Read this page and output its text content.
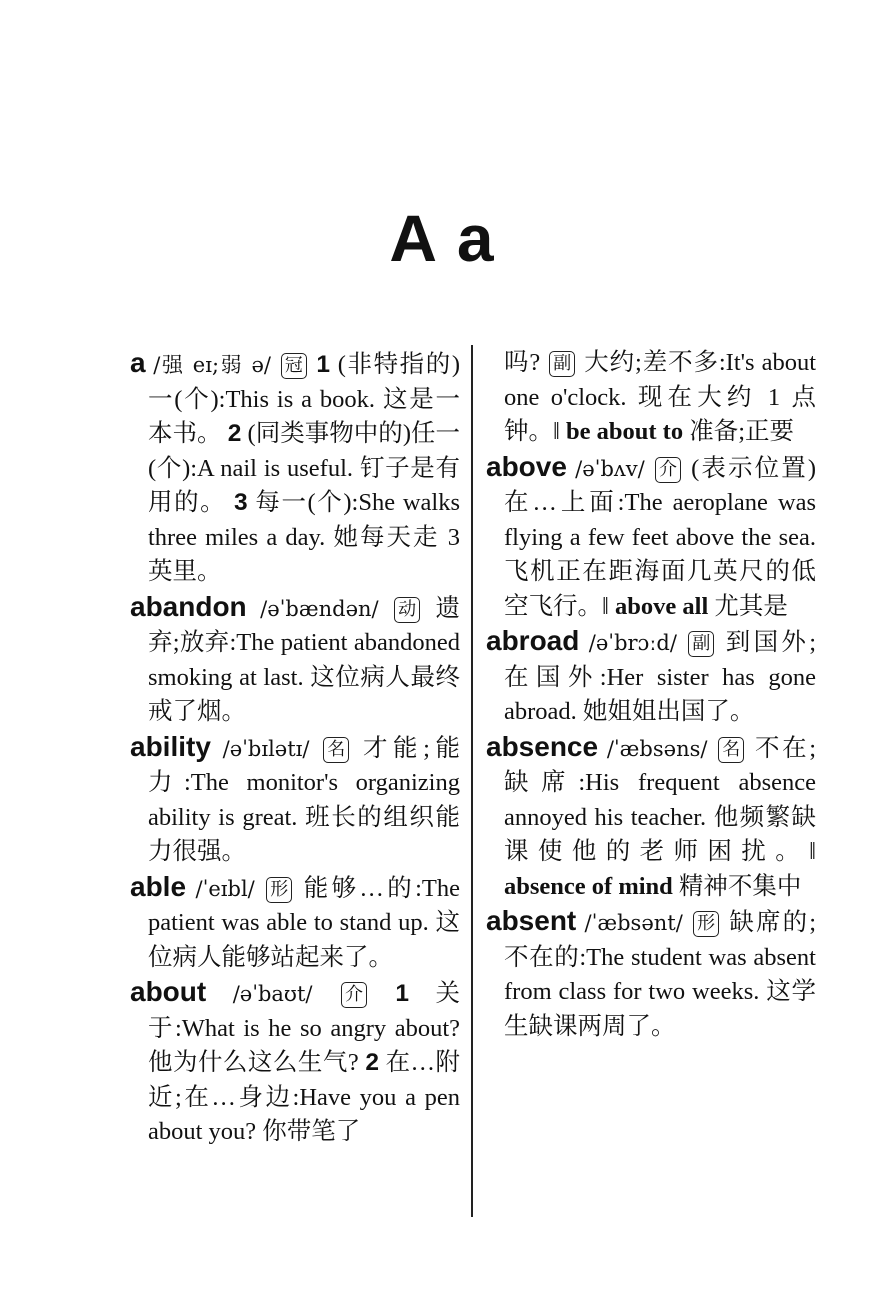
A a
a /强 eɪ;弱 ə/ 冠 1 (非特指的)一(个):This is a book. 这是一本书。 2 (同类事物中的)任一(个):A nail is useful. 钉子是有用的。 3 每一(个):She walks three miles a day. 她每天走 3 英里。
abandon /əˈbændən/ 动 遗弃;放弃:The patient abandoned smoking at last. 这位病人最终戒了烟。
ability /əˈbɪlətɪ/ 名 才能;能力:The monitor's organizing ability is great. 班长的组织能力很强。
able /ˈeɪbl/ 形 能够…的:The patient was able to stand up. 这位病人能够站起来了。
about /əˈbaʊt/ 介 1 关于:What is he so angry about? 他为什么这么生气? 2 在…附近;在…身边:Have you a pen about you? 你带笔了
吗? 副 大约;差不多:It's about one o'clock. 现在大约 1 点钟。‖ be about to 准备;正要
above /əˈbʌv/ 介 (表示位置)在…上面:The aeroplane was flying a few feet above the sea. 飞机正在距海面几英尺的低空飞行。‖ above all 尤其是
abroad /əˈbrɔːd/ 副 到国外;在国外:Her sister has gone abroad. 她姐姐出国了。
absence /ˈæbsəns/ 名 不在;缺席:His frequent absence annoyed his teacher. 他频繁缺课使他的老师困扰。‖ absence of mind 精神不集中
absent /ˈæbsənt/ 形 缺席的;不在的:The student was absent from class for two weeks. 这学生缺课两周了。
